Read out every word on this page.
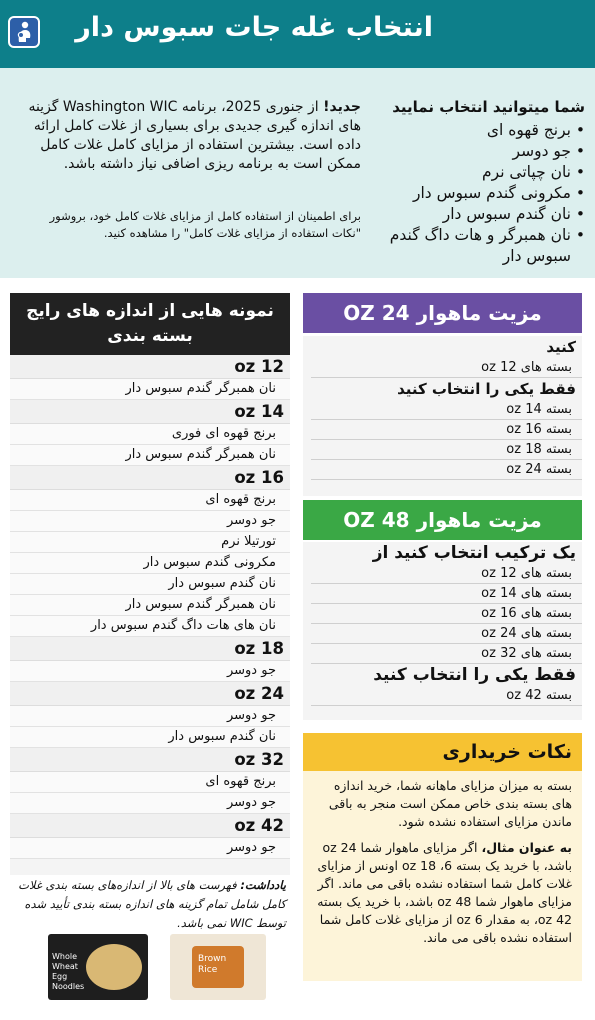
انتخاب غله جات سبوس دار
شما میتوانید انتخاب نمایید
• برنج قهوه ای
• جو دوسر
• نان چپاتی نرم
• مکرونی گندم سبوس دار
• نان گندم سبوس دار
• نان همبرگر و هات داگ گندم سبوس دار
جدید! از جنوری 2025، برنامه Washington WIC گزینه های اندازه گیری جدیدی برای بسیاری از غلات کامل ارائه داده است. بیشترین استفاده از مزایای کامل غلات کامل ممکن است به برنامه ریزی اضافی نیاز داشته باشد.
برای اطمینان از استفاده کامل از مزایای غلات کامل خود، بروشور "نکات استفاده از مزایای غلات کامل" را مشاهده کنید.
نمونه هایی از اندازه های رایج بسته بندی
12 oz
نان همبرگر گندم سبوس دار
14 oz
برنج قهوه ای فوری
نان همبرگر گندم سبوس دار
16 oz
برنج قهوه ای
جو دوسر
تورتیلا نرم
مکرونی گندم سبوس دار
نان گندم سبوس دار
نان همبرگر گندم سبوس دار
نان های هات داگ گندم سبوس دار
18 oz
جو دوسر
24 oz
جو دوسر
نان گندم سبوس دار
32 oz
برنج قهوه ای
جو دوسر
42 oz
جو دوسر
یادداشت: فهرست های بالا از اندازه‌های بسته بندی غلات کامل شامل تمام گزینه های اندازه بسته بندی تأیید شده توسط WIC نمی باشد.
Whole Wheat Egg Noodles
Brown Rice
مزیت ماهوار 24 OZ
کنید
بسته های 12 oz
فقط یکی را انتخاب کنید
بسته 14 oz
بسته 16 oz
بسته 18 oz
بسته 24 oz
مزیت ماهوار 48 OZ
یک ترکیب انتخاب کنید از
بسته های 12 oz
بسته های 14 oz
بسته های 16 oz
بسته های 24 oz
بسته های 32 oz
فقط یکی را انتخاب کنید
بسته 42 oz
نکات خریداری

بسته به میزان مزایای ماهانه شما، خرید اندازه های بسته بندی خاص ممکن است منجر به باقی ماندن مزایای استفاده نشده شود.

به عنوان مثال، اگر مزایای ماهوار شما 24 oz باشد، با خرید یک بسته 6، 18 oz اونس از مزایای غلات کامل شما استفاده نشده باقی می ماند. اگر مزایای ماهوار شما 48 oz باشد، با خرید یک بسته 42 oz، به مقدار 6 oz از مزایای غلات کامل شما استفاده نشده باقی می ماند.
